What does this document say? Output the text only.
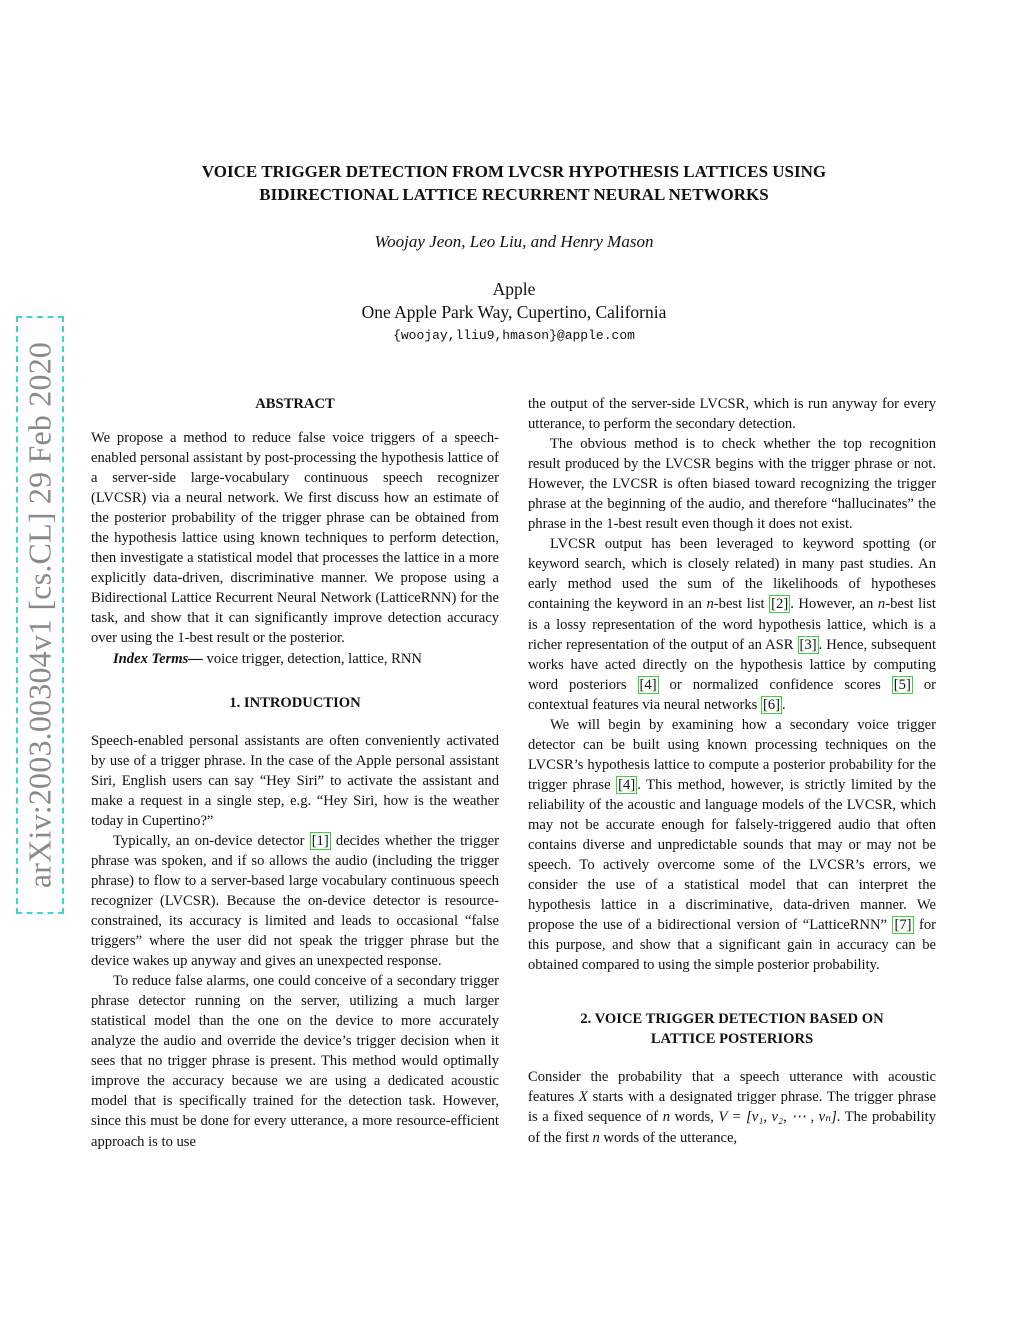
arXiv:2003.00304v1 [cs.CL] 29 Feb 2020
VOICE TRIGGER DETECTION FROM LVCSR HYPOTHESIS LATTICES USING
BIDIRECTIONAL LATTICE RECURRENT NEURAL NETWORKS
Woojay Jeon, Leo Liu, and Henry Mason
Apple
One Apple Park Way, Cupertino, California
{woojay,lliu9,hmason}@apple.com
ABSTRACT

We propose a method to reduce false voice triggers of a speech-enabled personal assistant by post-processing the hypothesis lattice of a server-side large-vocabulary continuous speech recognizer (LVCSR) via a neural network. We first discuss how an estimate of the posterior probability of the trigger phrase can be obtained from the hypothesis lattice using known techniques to perform detection, then investigate a statistical model that processes the lattice in a more explicitly data-driven, discriminative manner. We propose using a Bidirectional Lattice Recurrent Neural Network (LatticeRNN) for the task, and show that it can significantly improve detection accuracy over using the 1-best result or the posterior.

Index Terms— voice trigger, detection, lattice, RNN

1. INTRODUCTION

Speech-enabled personal assistants are often conveniently activated by use of a trigger phrase. In the case of the Apple personal assistant Siri, English users can say “Hey Siri” to activate the assistant and make a request in a single step, e.g. “Hey Siri, how is the weather today in Cupertino?”

Typically, an on-device detector [1] decides whether the trigger phrase was spoken, and if so allows the audio (including the trigger phrase) to flow to a server-based large vocabulary continuous speech recognizer (LVCSR). Because the on-device detector is resource-constrained, its accuracy is limited and leads to occasional “false triggers” where the user did not speak the trigger phrase but the device wakes up anyway and gives an unexpected response.

To reduce false alarms, one could conceive of a secondary trigger phrase detector running on the server, utilizing a much larger statistical model than the one on the device to more accurately analyze the audio and override the device’s trigger decision when it sees that no trigger phrase is present. This method would optimally improve the accuracy because we are using a dedicated acoustic model that is specifically trained for the detection task. However, since this must be done for every utterance, a more resource-efficient approach is to use

the output of the server-side LVCSR, which is run anyway for every utterance, to perform the secondary detection.

The obvious method is to check whether the top recognition result produced by the LVCSR begins with the trigger phrase or not. However, the LVCSR is often biased toward recognizing the trigger phrase at the beginning of the audio, and therefore “hallucinates” the phrase in the 1-best result even though it does not exist.

LVCSR output has been leveraged to keyword spotting (or keyword search, which is closely related) in many past studies. An early method used the sum of the likelihoods of hypotheses containing the keyword in an n-best list [2] . However, an n-best list is a lossy representation of the word hypothesis lattice, which is a richer representation of the output of an ASR [3] . Hence, subsequent works have acted directly on the hypothesis lattice by computing word posteriors [4] or normalized confidence scores [5] or contextual features via neural networks [6] .

We will begin by examining how a secondary voice trigger detector can be built using known processing techniques on the LVCSR’s hypothesis lattice to compute a posterior probability for the trigger phrase [4] . This method, however, is strictly limited by the reliability of the acoustic and language models of the LVCSR, which may not be accurate enough for falsely-triggered audio that often contains diverse and unpredictable sounds that may or may not be speech. To actively overcome some of the LVCSR’s errors, we consider the use of a statistical model that can interpret the hypothesis lattice in a discriminative, data-driven manner. We propose the use of a bidirectional version of “LatticeRNN” [7] for this purpose, and show that a significant gain in accuracy can be obtained compared to using the simple posterior probability.

2. VOICE TRIGGER DETECTION BASED ON
LATTICE POSTERIORS

Consider the probability that a speech utterance with acoustic features X starts with a designated trigger phrase. The trigger phrase is a fixed sequence of n words, V = [v₁, v₂, ⋯ , vₙ]. The probability of the first n words of the utterance,
